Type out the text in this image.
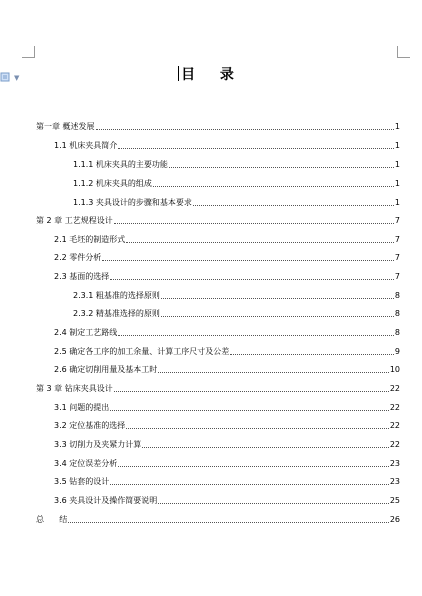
▼	目 录
第一章 概述发展	1
1.1 机床夹具简介	1
1.1.1 机床夹具的主要功能	1
1.1.2 机床夹具的组成	1
1.1.3 夹具设计的步骤和基本要求	1
第 2 章 工艺规程设计	7
2.1 毛坯的制造形式	7
2.2 零件分析	7
2.3 基面的选择	7
2.3.1 粗基准的选择原则	8
2.3.2 精基准选择的原则	8
2.4 制定工艺路线	8
2.5 确定各工序的加工余量、计算工序尺寸及公差	9
2.6 确定切削用量及基本工时	10
第 3 章 钻床夹具设计	22
3.1 问题的提出	22
3.2 定位基准的选择	22
3.3 切削力及夹紧力计算	22
3.4 定位误差分析	23
3.5 钻套的设计	23
3.6 夹具设计及操作简要说明	25
总      结	26
